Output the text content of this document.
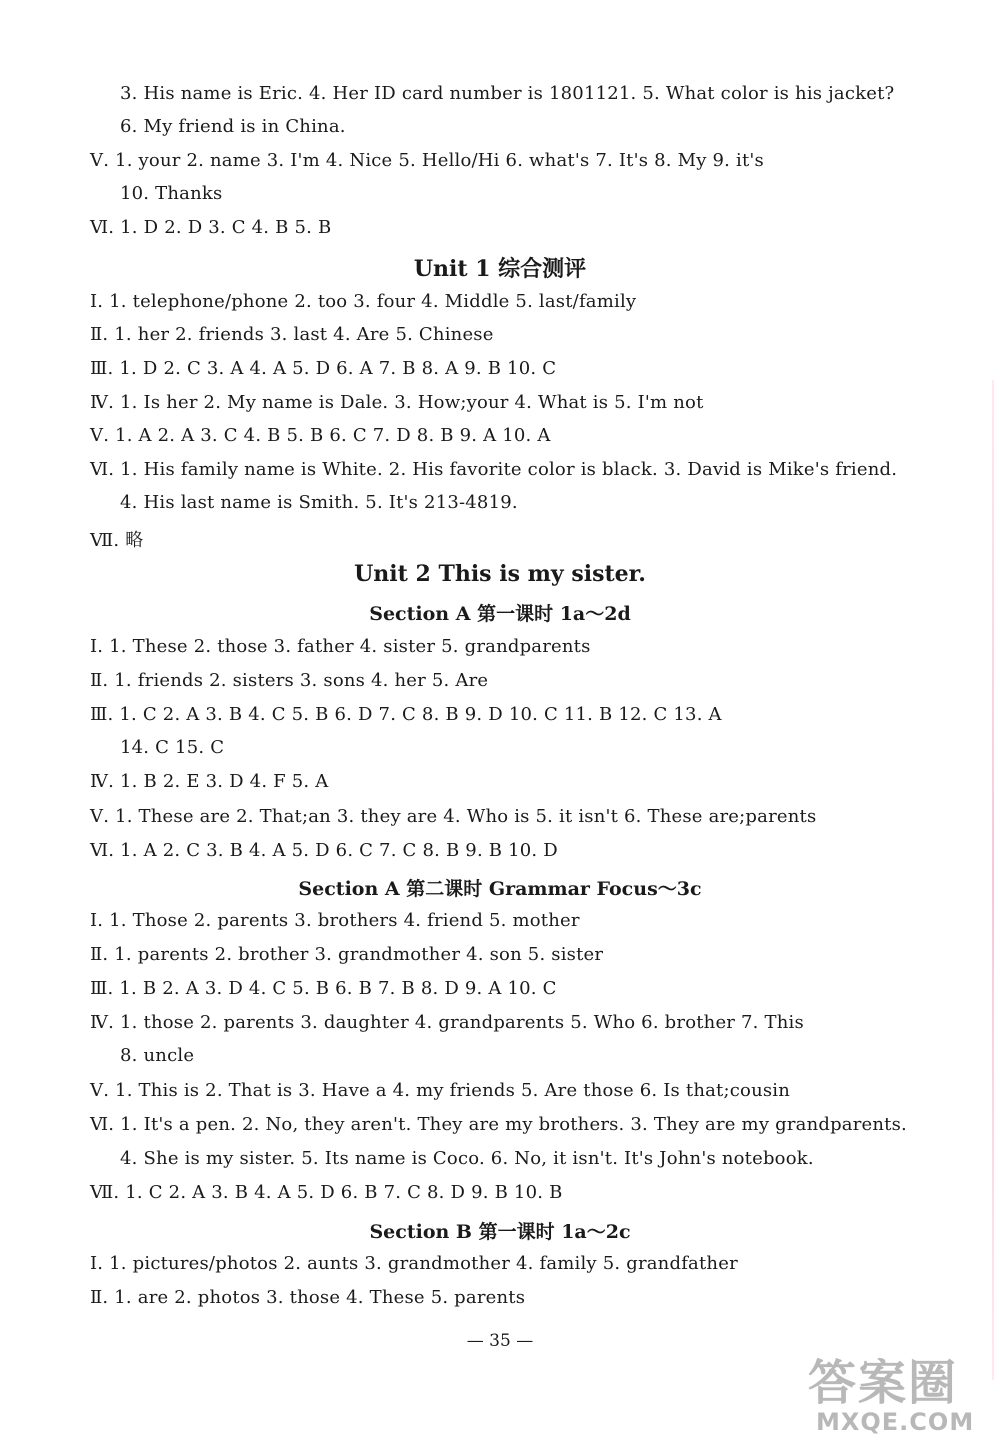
3. His name is Eric. 4. Her ID card number is 1801121. 5. What color is his jacket?
6. My friend is in China.
Ⅴ. 1. your 2. name 3. I'm 4. Nice 5. Hello/Hi 6. what's 7. It's 8. My 9. it's
10. Thanks
Ⅵ. 1. D 2. D 3. C 4. B 5. B
Unit 1 综合测评
Ⅰ. 1. telephone/phone 2. too 3. four 4. Middle 5. last/family
Ⅱ. 1. her 2. friends 3. last 4. Are 5. Chinese
Ⅲ. 1. D 2. C 3. A 4. A 5. D 6. A 7. B 8. A 9. B 10. C
Ⅳ. 1. Is her 2. My name is Dale. 3. How;your 4. What is 5. I'm not
Ⅴ. 1. A 2. A 3. C 4. B 5. B 6. C 7. D 8. B 9. A 10. A
Ⅵ. 1. His family name is White. 2. His favorite color is black. 3. David is Mike's friend.
4. His last name is Smith. 5. It's 213-4819.
Ⅶ. 略
Unit 2 This is my sister.
Section A 第一课时 1a～2d
Ⅰ. 1. These 2. those 3. father 4. sister 5. grandparents
Ⅱ. 1. friends 2. sisters 3. sons 4. her 5. Are
Ⅲ. 1. C 2. A 3. B 4. C 5. B 6. D 7. C 8. B 9. D 10. C 11. B 12. C 13. A
14. C 15. C
Ⅳ. 1. B 2. E 3. D 4. F 5. A
Ⅴ. 1. These are 2. That;an 3. they are 4. Who is 5. it isn't 6. These are;parents
Ⅵ. 1. A 2. C 3. B 4. A 5. D 6. C 7. C 8. B 9. B 10. D
Section A 第二课时 Grammar Focus～3c
Ⅰ. 1. Those 2. parents 3. brothers 4. friend 5. mother
Ⅱ. 1. parents 2. brother 3. grandmother 4. son 5. sister
Ⅲ. 1. B 2. A 3. D 4. C 5. B 6. B 7. B 8. D 9. A 10. C
Ⅳ. 1. those 2. parents 3. daughter 4. grandparents 5. Who 6. brother 7. This
8. uncle
Ⅴ. 1. This is 2. That is 3. Have a 4. my friends 5. Are those 6. Is that;cousin
Ⅵ. 1. It's a pen. 2. No, they aren't. They are my brothers. 3. They are my grandparents.
4. She is my sister. 5. Its name is Coco. 6. No, it isn't. It's John's notebook.
Ⅶ. 1. C 2. A 3. B 4. A 5. D 6. B 7. C 8. D 9. B 10. B
Section B 第一课时 1a～2c
Ⅰ. 1. pictures/photos 2. aunts 3. grandmother 4. family 5. grandfather
Ⅱ. 1. are 2. photos 3. those 4. These 5. parents
— 35 —
答案圈
MXQE.COM
